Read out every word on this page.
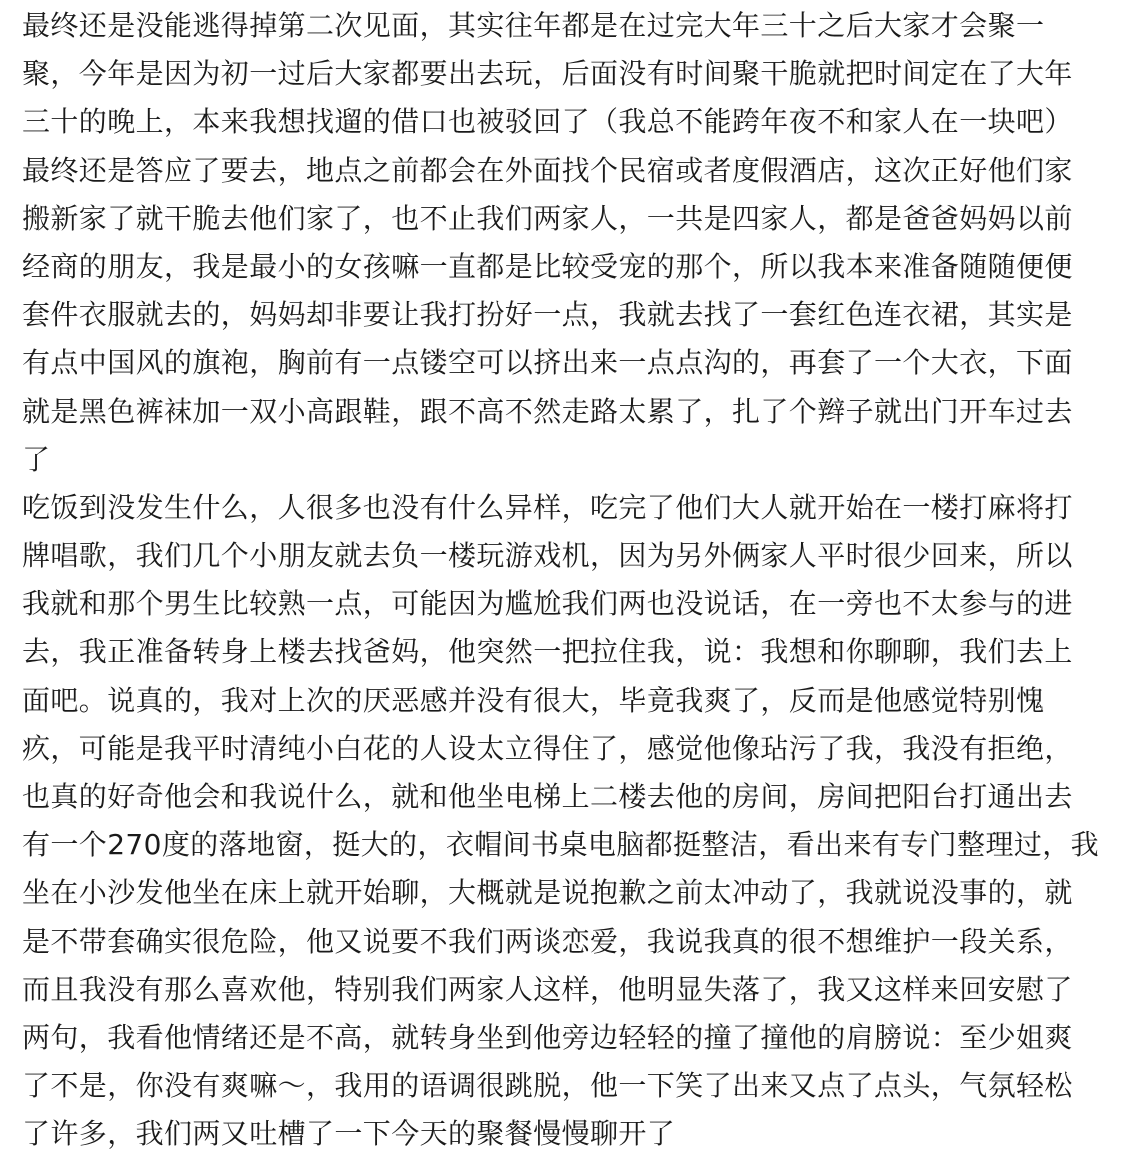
最终还是没能逃得掉第二次见面，其实往年都是在过完大年三十之后大家才会聚一
聚，今年是因为初一过后大家都要出去玩，后面没有时间聚干脆就把时间定在了大年
三十的晚上，本来我想找遛的借口也被驳回了（我总不能跨年夜不和家人在一块吧）
最终还是答应了要去，地点之前都会在外面找个民宿或者度假酒店，这次正好他们家
搬新家了就干脆去他们家了，也不止我们两家人，一共是四家人，都是爸爸妈妈以前
经商的朋友，我是最小的女孩嘛一直都是比较受宠的那个，所以我本来准备随随便便
套件衣服就去的，妈妈却非要让我打扮好一点，我就去找了一套红色连衣裙，其实是
有点中国风的旗袍，胸前有一点镂空可以挤出来一点点沟的，再套了一个大衣，下面
就是黑色裤袜加一双小高跟鞋，跟不高不然走路太累了，扎了个辫子就出门开车过去
了
吃饭到没发生什么，人很多也没有什么异样，吃完了他们大人就开始在一楼打麻将打
牌唱歌，我们几个小朋友就去负一楼玩游戏机，因为另外俩家人平时很少回来，所以
我就和那个男生比较熟一点，可能因为尴尬我们两也没说话，在一旁也不太参与的进
去，我正准备转身上楼去找爸妈，他突然一把拉住我，说：我想和你聊聊，我们去上
面吧。说真的，我对上次的厌恶感并没有很大，毕竟我爽了，反而是他感觉特别愧
疚，可能是我平时清纯小白花的人设太立得住了，感觉他像玷污了我，我没有拒绝，
也真的好奇他会和我说什么，就和他坐电梯上二楼去他的房间，房间把阳台打通出去
有一个270度的落地窗，挺大的，衣帽间书桌电脑都挺整洁，看出来有专门整理过，我
坐在小沙发他坐在床上就开始聊，大概就是说抱歉之前太冲动了，我就说没事的，就
是不带套确实很危险，他又说要不我们两谈恋爱，我说我真的很不想维护一段关系，
而且我没有那么喜欢他，特别我们两家人这样，他明显失落了，我又这样来回安慰了
两句，我看他情绪还是不高，就转身坐到他旁边轻轻的撞了撞他的肩膀说：至少姐爽
了不是，你没有爽嘛～，我用的语调很跳脱，他一下笑了出来又点了点头，气氛轻松
了许多，我们两又吐槽了一下今天的聚餐慢慢聊开了
